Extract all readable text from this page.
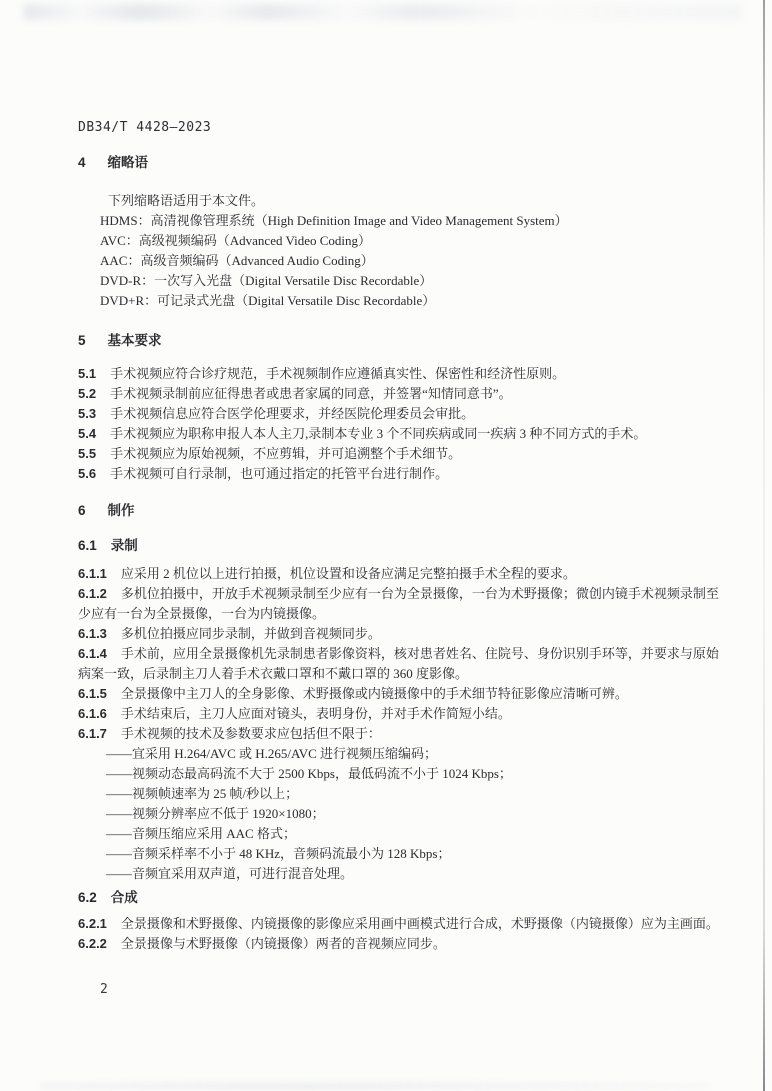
DB34/T 4428—2023

4 缩略语

下列缩略语适用于本文件。

HDMS：高清视像管理系统（High Definition Image and Video Management System）

AVC：高级视频编码（Advanced Video Coding）

AAC：高级音频编码（Advanced Audio Coding）

DVD-R：一次写入光盘（Digital Versatile Disc Recordable）

DVD+R：可记录式光盘（Digital Versatile Disc Recordable）

5 基本要求

5.1 手术视频应符合诊疗规范，手术视频制作应遵循真实性、保密性和经济性原则。

5.2 手术视频录制前应征得患者或患者家属的同意，并签署“知情同意书”。

5.3 手术视频信息应符合医学伦理要求，并经医院伦理委员会审批。

5.4 手术视频应为职称申报人本人主刀,录制本专业 3 个不同疾病或同一疾病 3 种不同方式的手术。

5.5 手术视频应为原始视频，不应剪辑，并可追溯整个手术细节。

5.6 手术视频可自行录制，也可通过指定的托管平台进行制作。

6 制作

6.1 录制

6.1.1 应采用 2 机位以上进行拍摄，机位设置和设备应满足完整拍摄手术全程的要求。

6.1.2 多机位拍摄中，开放手术视频录制至少应有一台为全景摄像，一台为术野摄像；微创内镜手术视频录制至少应有一台为全景摄像，一台为内镜摄像。

6.1.3 多机位拍摄应同步录制，并做到音视频同步。

6.1.4 手术前，应用全景摄像机先录制患者影像资料，核对患者姓名、住院号、身份识别手环等，并要求与原始病案一致，后录制主刀人着手术衣戴口罩和不戴口罩的 360 度影像。

6.1.5 全景摄像中主刀人的全身影像、术野摄像或内镜摄像中的手术细节特征影像应清晰可辨。

6.1.6 手术结束后，主刀人应面对镜头，表明身份，并对手术作简短小结。

6.1.7 手术视频的技术及参数要求应包括但不限于：

——宜采用 H.264/AVC 或 H.265/AVC 进行视频压缩编码；

——视频动态最高码流不大于 2500 Kbps，最低码流不小于 1024 Kbps；

——视频帧速率为 25 帧/秒以上；

——视频分辨率应不低于 1920×1080；

——音频压缩应采用 AAC 格式；

——音频采样率不小于 48 KHz，音频码流最小为 128 Kbps；

——音频宜采用双声道，可进行混音处理。

6.2 合成

6.2.1 全景摄像和术野摄像、内镜摄像的影像应采用画中画模式进行合成，术野摄像（内镜摄像）应为主画面。

6.2.2 全景摄像与术野摄像（内镜摄像）两者的音视频应同步。

2
